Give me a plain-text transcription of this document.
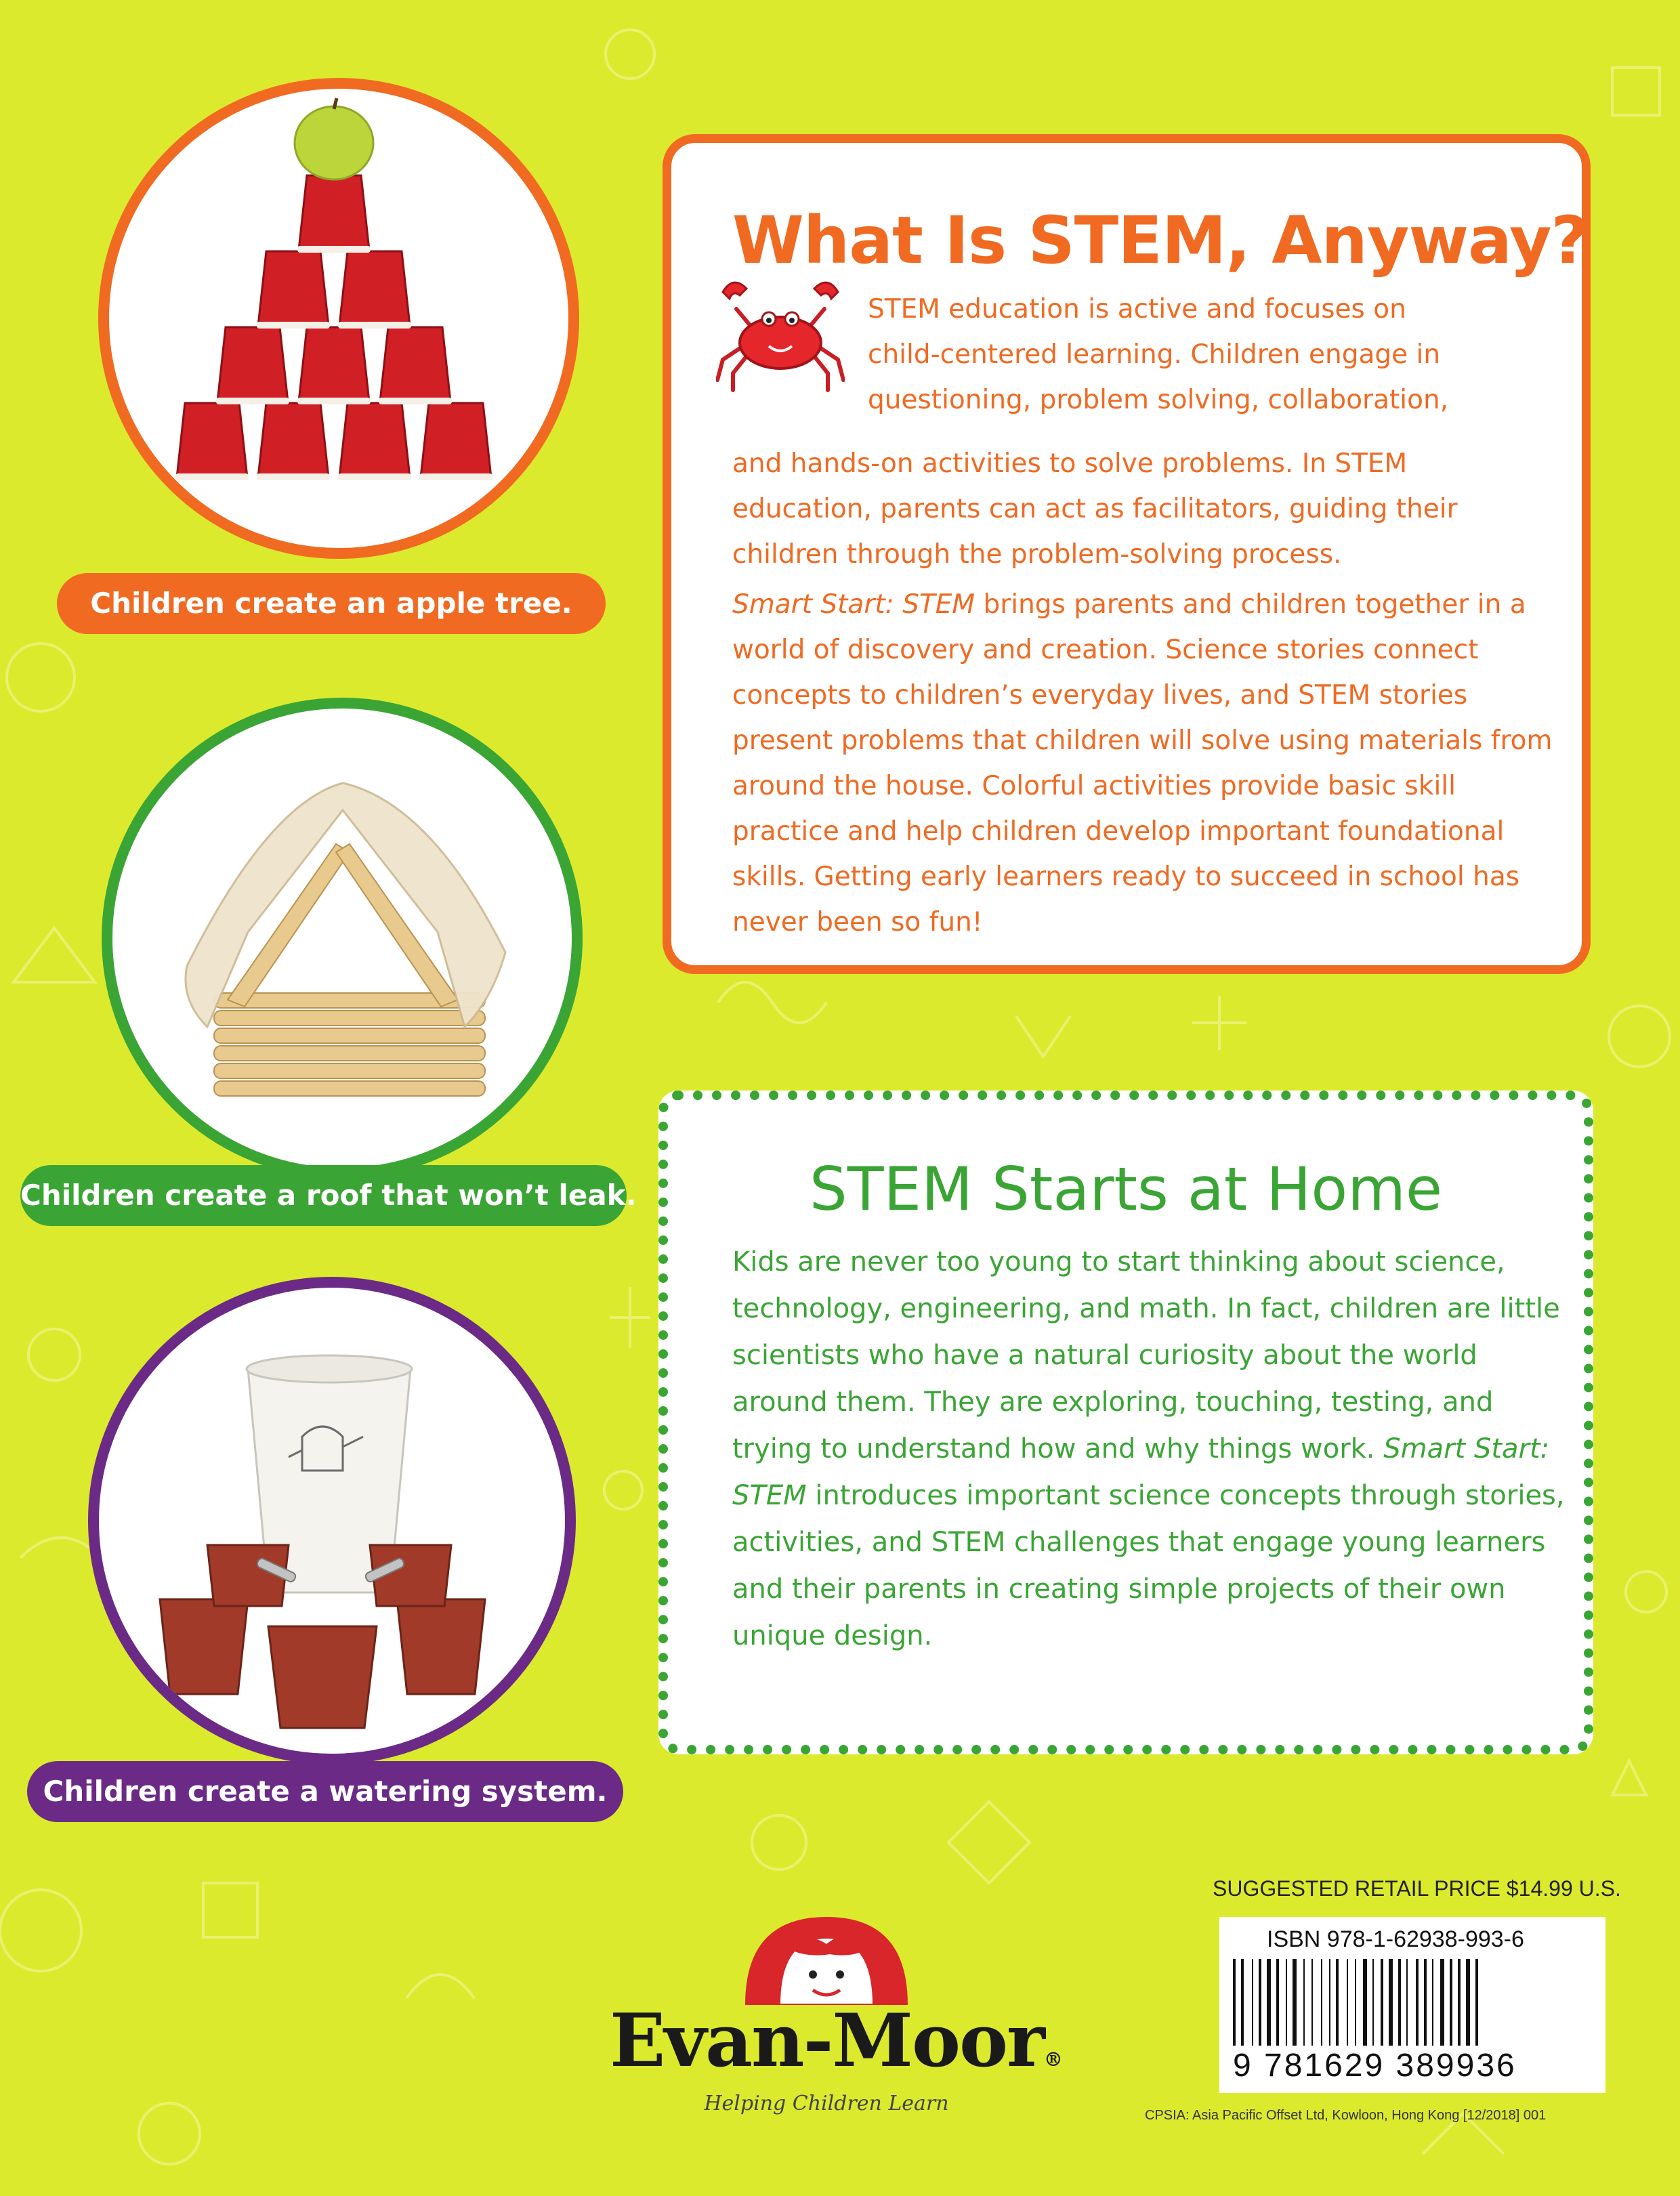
Children create an apple tree.
Children create a roof that won’t leak.
Children create a watering system.
What Is STEM, Anyway?

STEM education is active and focuses on
child-centered learning. Children engage in
questioning, problem solving, collaboration,

and hands-on activities to solve problems. In STEM
education, parents can act as facilitators, guiding their
children through the problem-solving process.

Smart Start: STEM brings parents and children together in a world of discovery and creation. Science stories connect concepts to children’s everyday lives, and STEM stories present problems that children will solve using materials from around the house. Colorful activities provide basic skill practice and help children develop important foundational skills. Getting early learners ready to succeed in school has never been so fun!

STEM Starts at Home

Kids are never too young to start thinking about science, technology, engineering, and math. In fact, children are little scientists who have a natural curiosity about the world around them. They are exploring, touching, testing, and trying to understand how and why things work. Smart Start: STEM introduces important science concepts through stories, activities, and STEM challenges that engage young learners and their parents in creating simple projects of their own unique design.

Evan-Moor®
Helping Children Learn
SUGGESTED RETAIL PRICE $14.99 U.S.
ISBN 978-1-62938-993-6
9 781629 389936
CPSIA: Asia Pacific Offset Ltd, Kowloon, Hong Kong [12/2018] 001
